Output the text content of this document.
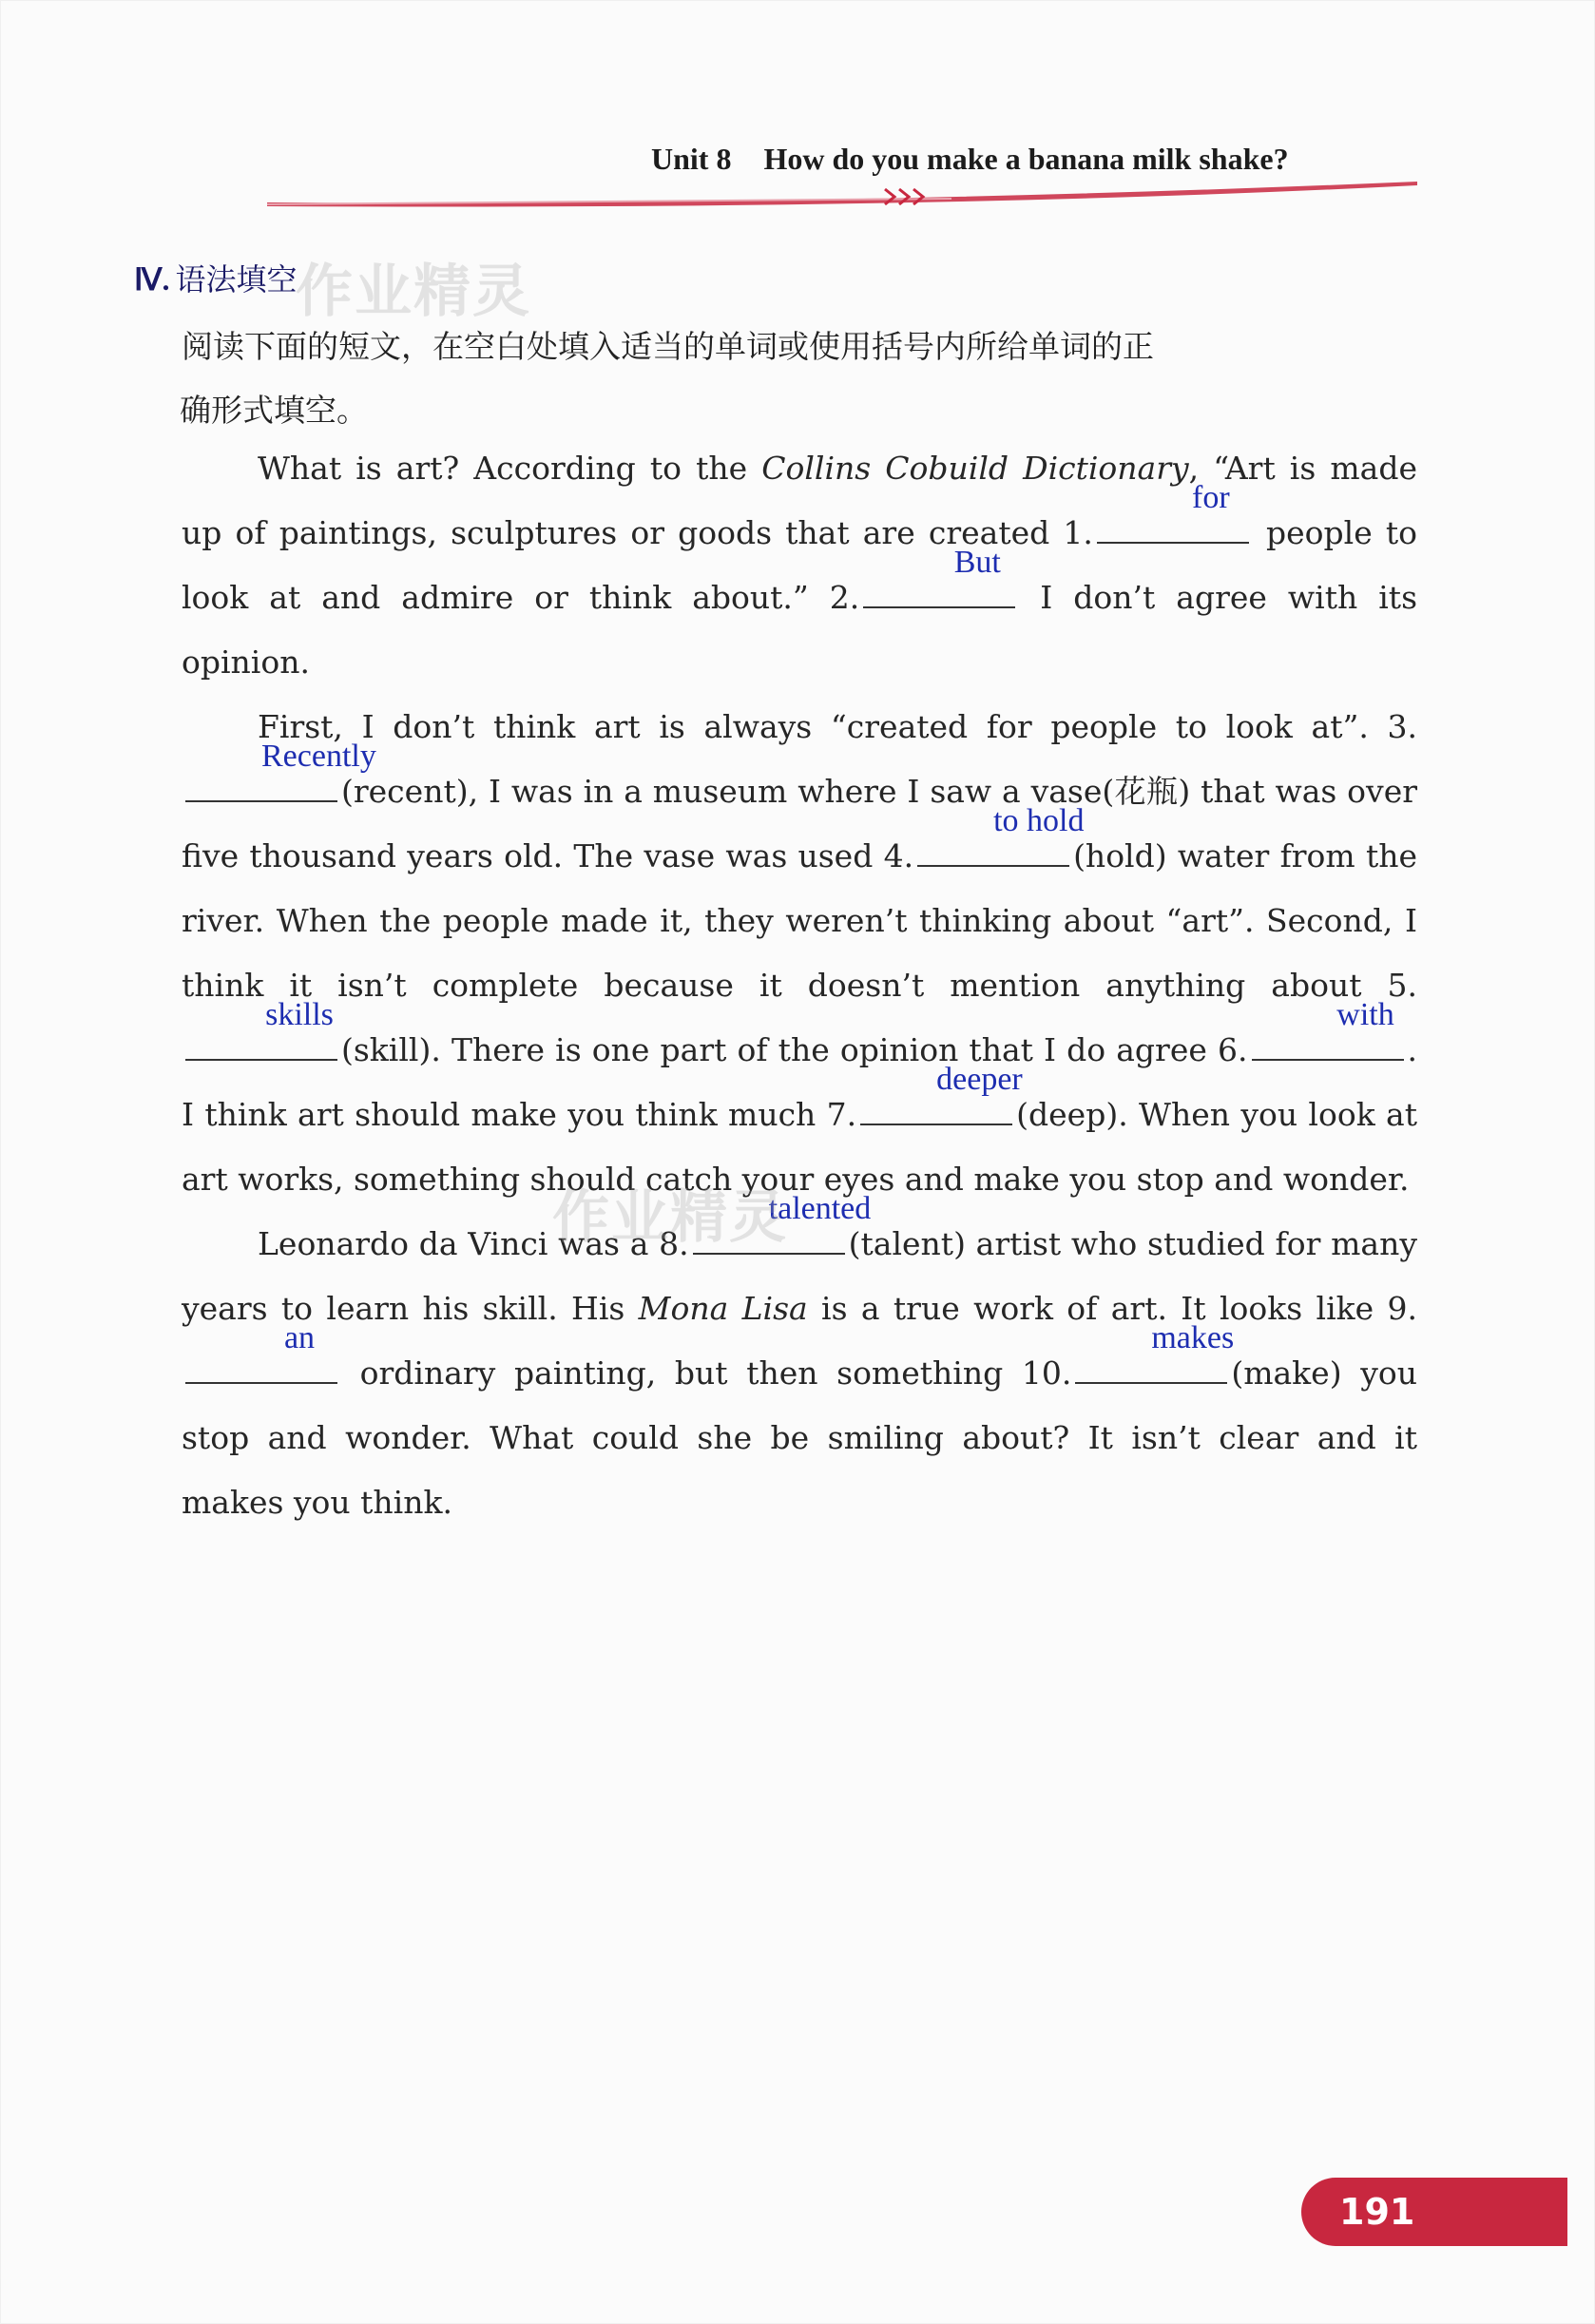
Unit 8 How do you make a banana milk shake?
作业精灵
Ⅳ. 语法填空
阅读下面的短文，在空白处填入适当的单词或使用括号内所给单词的正
确形式填空。

What is art? According to the Collins Cobuild Dictionary, “Art is made up of paintings, sculptures or goods that are created 1.
for
people to look at and admire or think about.” 2.
But
I don’t agree with its opinion.

First, I don’t think art is always “created for people to look at”. 3.
Recently
(recent), I was in a museum where I saw a vase(花瓶) that was over five thousand years old. The vase was used 4.
to hold
(hold) water from the river. When the people made it, they weren’t thinking about “art”. Second, I think it isn’t complete because it doesn’t mention anything about 5.
skills
(skill). There is one part of the opinion that I do agree 6.
with
. I think art should make you think much 7.
deeper
(deep). When you look at art works, something should catch your eyes and make you stop and wonder.

Leonardo da Vinci was a 8.
talented
(talent) artist who studied for many years to learn his skill. His Mona Lisa is a true work of art. It looks like 9.
an
ordinary painting, but then something 10.
makes
(make) you stop and wonder. What could she be smiling about? It isn’t clear and it makes you think.

作业精灵
191
